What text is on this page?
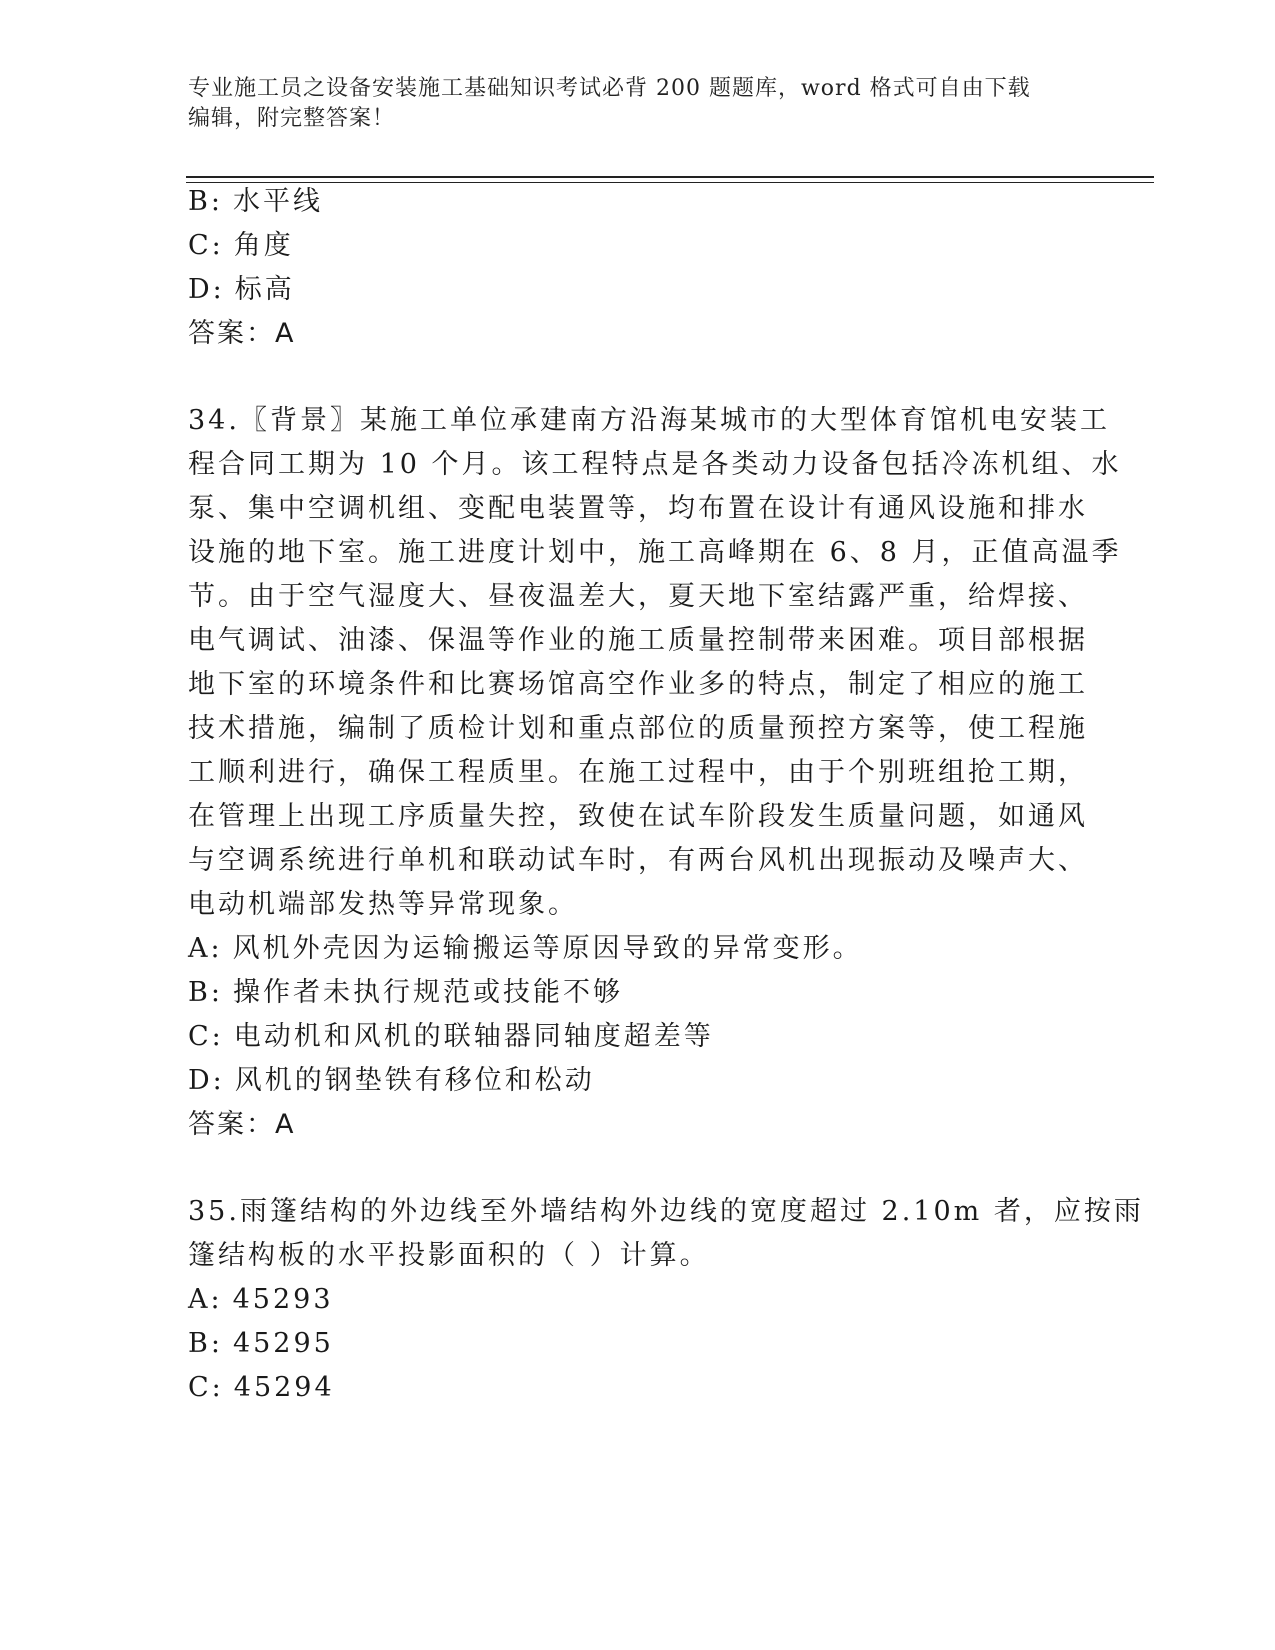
专业施工员之设备安装施工基础知识考试必背 200 题题库，word 格式可自由下载
编辑，附完整答案！
B: 水平线
C: 角度
D: 标高
答案：A
34.〖背景〗某施工单位承建南方沿海某城市的大型体育馆机电安装工
程合同工期为 10 个月。该工程特点是各类动力设备包括冷冻机组、水
泵、集中空调机组、变配电装置等，均布置在设计有通风设施和排水
设施的地下室。施工进度计划中，施工高峰期在 6、8 月，正值高温季
节。由于空气湿度大、昼夜温差大，夏天地下室结露严重，给焊接、
电气调试、油漆、保温等作业的施工质量控制带来困难。项目部根据
地下室的环境条件和比赛场馆高空作业多的特点，制定了相应的施工
技术措施，编制了质检计划和重点部位的质量预控方案等，使工程施
工顺利进行，确保工程质里。在施工过程中，由于个别班组抢工期，
在管理上出现工序质量失控，致使在试车阶段发生质量问题，如通风
与空调系统进行单机和联动试车时，有两台风机出现振动及噪声大、
电动机端部发热等异常现象。
A: 风机外壳因为运输搬运等原因导致的异常变形。
B: 操作者未执行规范或技能不够
C: 电动机和风机的联轴器同轴度超差等
D: 风机的钢垫铁有移位和松动
答案：A
35.雨篷结构的外边线至外墙结构外边线的宽度超过 2.10m 者，应按雨
篷结构板的水平投影面积的（ ）计算。
A: 45293
B: 45295
C: 45294
